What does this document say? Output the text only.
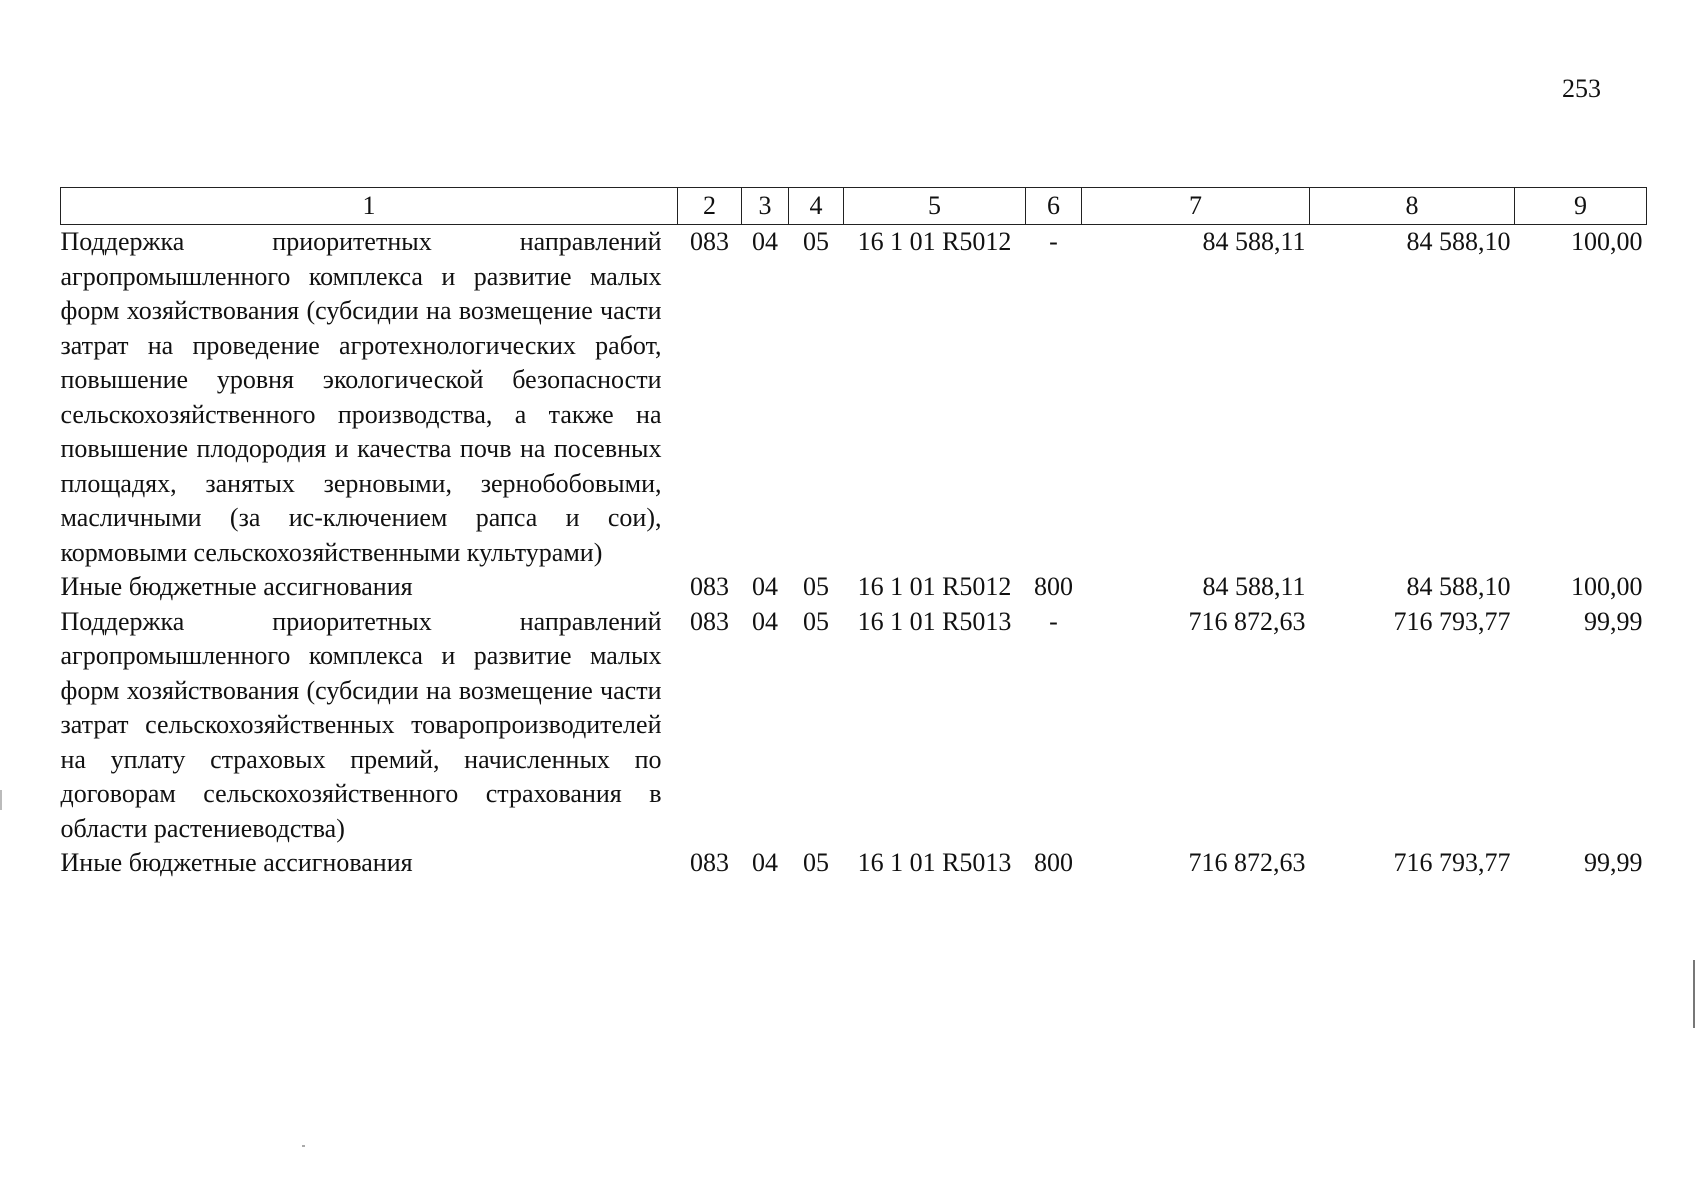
253
1	2	3	4	5	6	7	8	9
Поддержка приоритетных направлений агропромышленного комплекса и развитие малых форм хозяйствования (субсидии на возмещение части затрат на проведение агротехнологических работ, повышение уровня экологической безопасности сельскохозяйственного производства, а также на повышение плодородия и качества почв на посевных площадях, занятых зерновыми, зернобобовыми, масличными (за ис-ключением рапса и сои), кормовыми сельскохозяйственными культурами)	083	04	05	16 1 01 R5012	-	84 588,11	84 588,10	100,00
Иные бюджетные ассигнования	083	04	05	16 1 01 R5012	800	84 588,11	84 588,10	100,00
Поддержка приоритетных направлений агропромышленного комплекса и развитие малых форм хозяйствования (субсидии на возмещение части затрат сельскохозяйственных товаропроизводителей на уплату страховых премий, начисленных по договорам сельскохозяйственного страхования в области растениеводства)	083	04	05	16 1 01 R5013	-	716 872,63	716 793,77	99,99
Иные бюджетные ассигнования	083	04	05	16 1 01 R5013	800	716 872,63	716 793,77	99,99
